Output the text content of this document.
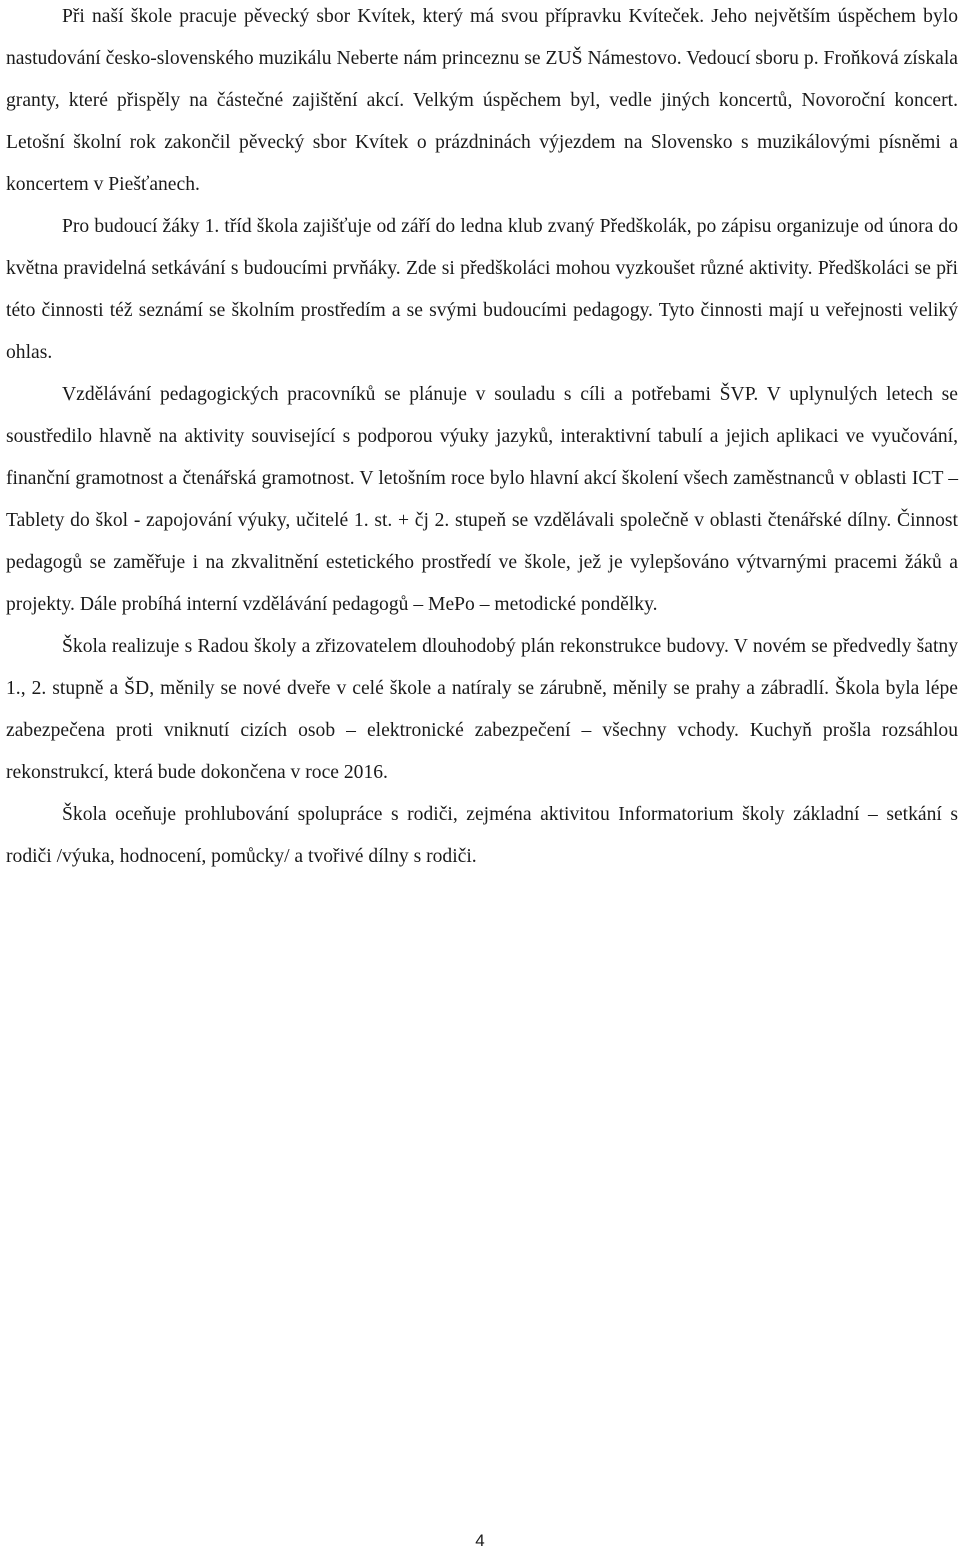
Při naší škole pracuje pěvecký sbor Kvítek, který má svou přípravku Kvíteček. Jeho největším úspěchem bylo nastudování česko-slovenského muzikálu Neberte nám princeznu se ZUŠ Námestovo. Vedoucí sboru p. Froňková získala granty, které přispěly na částečné zajištění akcí. Velkým úspěchem byl, vedle jiných koncertů, Novoroční koncert. Letošní školní rok zakončil pěvecký sbor Kvítek o prázdninách výjezdem na Slovensko s muzikálovými písněmi a koncertem v Piešťanech.

Pro budoucí žáky 1. tříd škola zajišťuje od září do ledna klub zvaný Předškolák, po zápisu organizuje od února do května pravidelná setkávání s budoucími prvňáky. Zde si předškoláci mohou vyzkoušet různé aktivity. Předškoláci se při této činnosti též seznámí se školním prostředím a se svými budoucími pedagogy. Tyto činnosti mají u veřejnosti veliký ohlas.

Vzdělávání pedagogických pracovníků se plánuje v souladu s cíli a potřebami ŠVP. V uplynulých letech se soustředilo hlavně na aktivity související s podporou výuky jazyků, interaktivní tabulí a jejich aplikaci ve vyučování, finanční gramotnost a čtenářská gramotnost. V letošním roce bylo hlavní akcí školení všech zaměstnanců v oblasti ICT – Tablety do škol - zapojování výuky, učitelé 1. st. + čj 2. stupeň se vzdělávali společně v oblasti čtenářské dílny. Činnost pedagogů se zaměřuje i na zkvalitnění estetického prostředí ve škole, jež je vylepšováno výtvarnými pracemi žáků a projekty. Dále probíhá interní vzdělávání pedagogů – MePo – metodické pondělky.

Škola realizuje s Radou školy a zřizovatelem dlouhodobý plán rekonstrukce budovy. V novém se předvedly šatny 1., 2. stupně a ŠD, měnily se nové dveře v celé škole a natíraly se zárubně, měnily se prahy a zábradlí. Škola byla lépe zabezpečena proti vniknutí cizích osob – elektronické zabezpečení – všechny vchody. Kuchyň prošla rozsáhlou rekonstrukcí, která bude dokončena v roce 2016.

Škola oceňuje prohlubování spolupráce s rodiči, zejména aktivitou Informatorium školy základní – setkání s rodiči /výuka, hodnocení, pomůcky/ a tvořivé dílny s rodiči.

4
